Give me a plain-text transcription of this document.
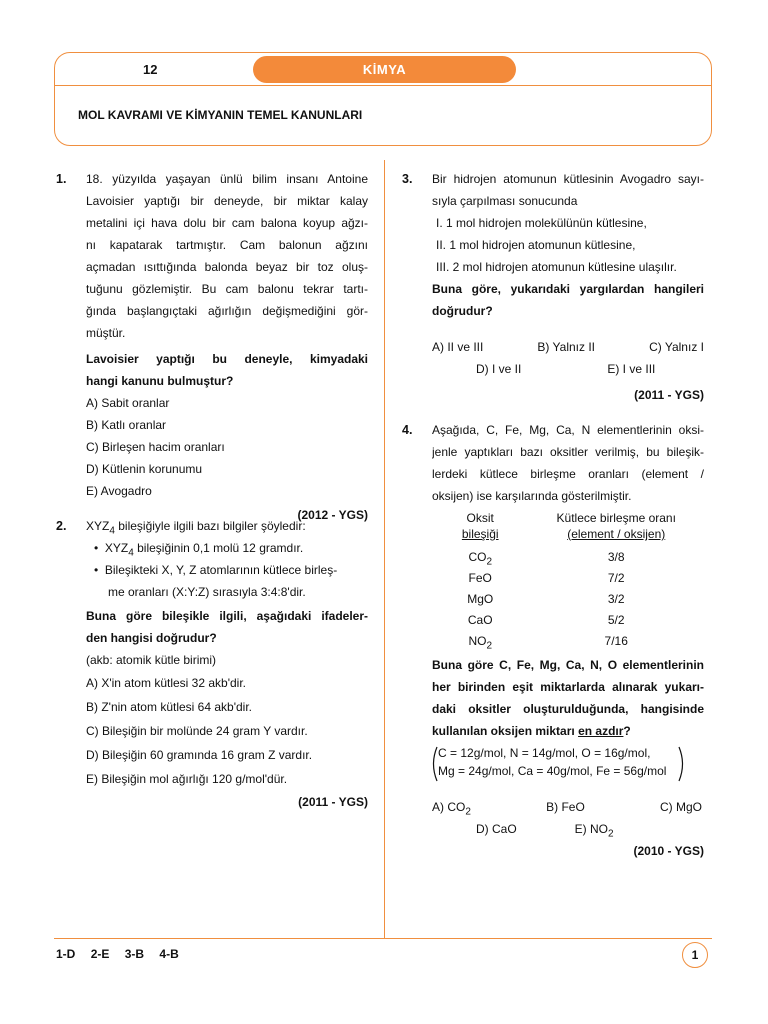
12	KİMYA
MOL KAVRAMI VE KİMYANIN TEMEL KANUNLARI
1. 18. yüzyılda yaşayan ünlü bilim insanı Antoine
Lavoisier yaptığı bir deneyde, bir miktar kalay
metalini içi hava dolu bir cam balona koyup ağzı-
nı kapatarak tartmıştır. Cam balonun ağzını
açmadan ısıttığında balonda beyaz bir toz oluş-
tuğunu gözlemiştir. Bu cam balonu tekrar tartı-
ğında başlangıçtaki ağırlığın değişmediğini gör-
müştür.
Lavoisier yaptığı bu deneyle, kimyadaki
hangi kanunu bulmuştur?
A) Sabit oranlar
B) Katlı oranlar
C) Birleşen hacim oranları
D) Kütlenin korunumu
E) Avogadro
(2012 - YGS)
2. $XYZ_4$ bileşiğiyle ilgili bazı bilgiler şöyledir:
• $XYZ_4$ bileşiğinin 0,1 molü 12 gramdır.
• Bileşikteki X, Y, Z atomlarının kütlece birleş-
me oranları (X:Y:Z) sırasıyla 3:4:8'dir.
Buna göre bileşikle ilgili, aşağıdaki ifadeler-
den hangisi doğrudur?
(akb: atomik kütle birimi)
A) X'in atom kütlesi 32 akb'dir.
B) Z'nin atom kütlesi 64 akb'dir.
C) Bileşiğin bir molünde 24 gram Y vardır.
D) Bileşiğin 60 gramında 16 gram Z vardır.
E) Bileşiğin mol ağırlığı 120 g/mol'dür.
(2011 - YGS)
3. Bir hidrojen atomunun kütlesinin Avogadro sayı-
sıyla çarpılması sonucunda
I. 1 mol hidrojen molekülünün kütlesine,
II. 1 mol hidrojen atomunun kütlesine,
III. 2 mol hidrojen atomunun kütlesine ulaşılır.
Buna göre, yukarıdaki yargılardan hangileri
doğrudur?
A) II ve III	B) Yalnız II	C) Yalnız I
D) I ve II	E) I ve III
(2011 - YGS)
4. Aşağıda, C, Fe, Mg, Ca, N elementlerinin oksi-
jenle yaptıkları bazı oksitler verilmiş, bu bileşik-
lerdeki kütlece birleşme oranları (element /
oksijen) ise karşılarında gösterilmiştir.
Oksit	Kütlece birleşme oranı
bileşiği	(element / oksijen)
$CO_2$	3/8
FeO	7/2
MgO	3/2
CaO	5/2
$NO_2$	7/16
Buna göre C, Fe, Mg, Ca, N, O elementlerinin
her birinden eşit miktarlarda alınarak yukarı-
daki oksitler oluşturulduğunda, hangisinde
kullanılan oksijen miktarı en azdır?
C = 12g/mol, N = 14g/mol, O = 16g/mol,
Mg = 24g/mol, Ca = 40g/mol, Fe = 56g/mol
A) $CO_2$	B) FeO	C) MgO
D) CaO	E) $NO_2$
(2010 - YGS)
1-D 2-E 3-B 4-B	1
